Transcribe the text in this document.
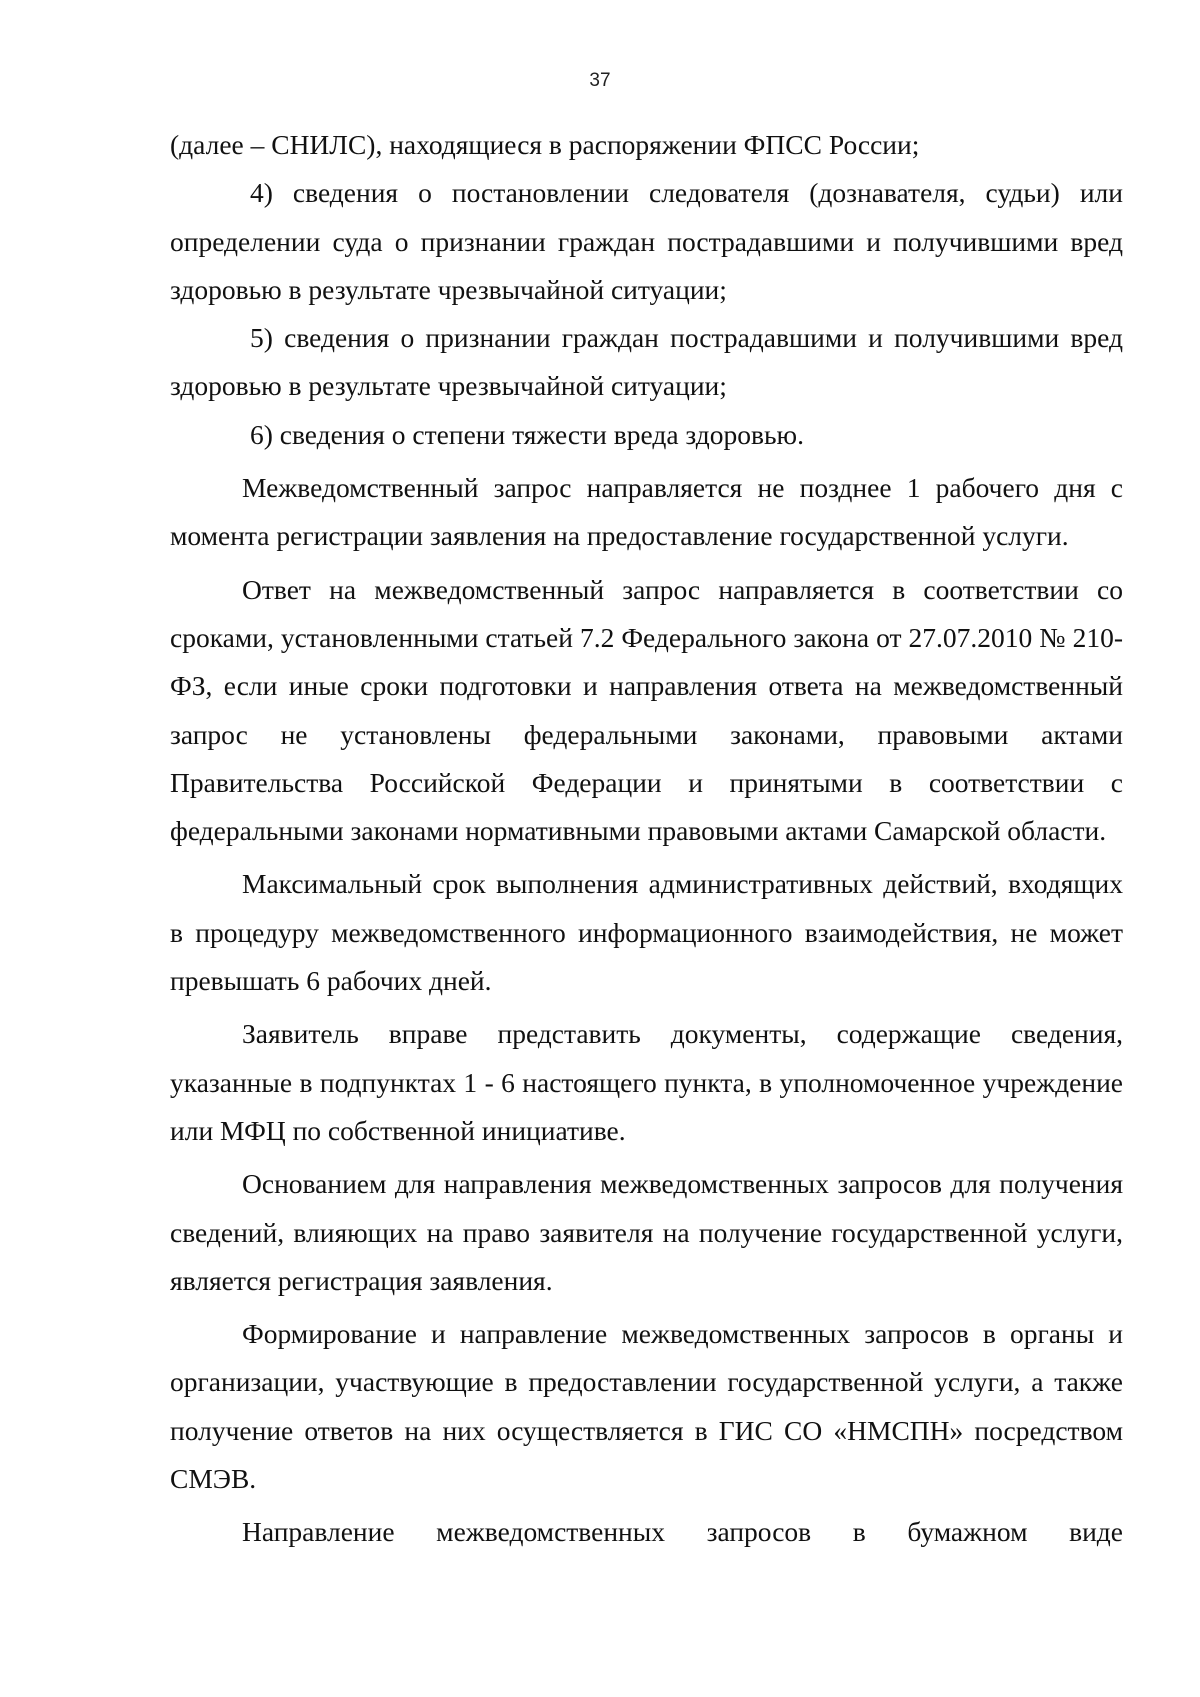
37

(далее – СНИЛС), находящиеся в распоряжении ФПСС России;

4) сведения о постановлении следователя (дознавателя, судьи) или определении суда о признании граждан пострадавшими и получившими вред здоровью в результате чрезвычайной ситуации;

5) сведения о признании граждан пострадавшими и получившими вред здоровью в результате чрезвычайной ситуации;

6) сведения о степени тяжести вреда здоровью.

Межведомственный запрос направляется не позднее 1 рабочего дня с момента регистрации заявления на предоставление государственной услуги.

Ответ на межведомственный запрос направляется в соответствии со сроками, установленными статьей 7.2 Федерального закона от 27.07.2010 № 210-ФЗ, если иные сроки подготовки и направления ответа на межведомственный запрос не установлены федеральными законами, правовыми актами Правительства Российской Федерации и принятыми в соответствии с федеральными законами нормативными правовыми актами Самарской области.

Максимальный срок выполнения административных действий, входящих в процедуру межведомственного информационного взаимодействия, не может превышать 6 рабочих дней.

Заявитель вправе представить документы, содержащие сведения, указанные в подпунктах 1 - 6 настоящего пункта, в уполномоченное учреждение или МФЦ по собственной инициативе.

Основанием для направления межведомственных запросов для получения сведений, влияющих на право заявителя на получение государственной услуги, является регистрация заявления.

Формирование и направление межведомственных запросов в органы и организации, участвующие в предоставлении государственной услуги, а также получение ответов на них осуществляется в ГИС СО «НМСПН» посредством СМЭВ.

Направление межведомственных запросов в бумажном виде
